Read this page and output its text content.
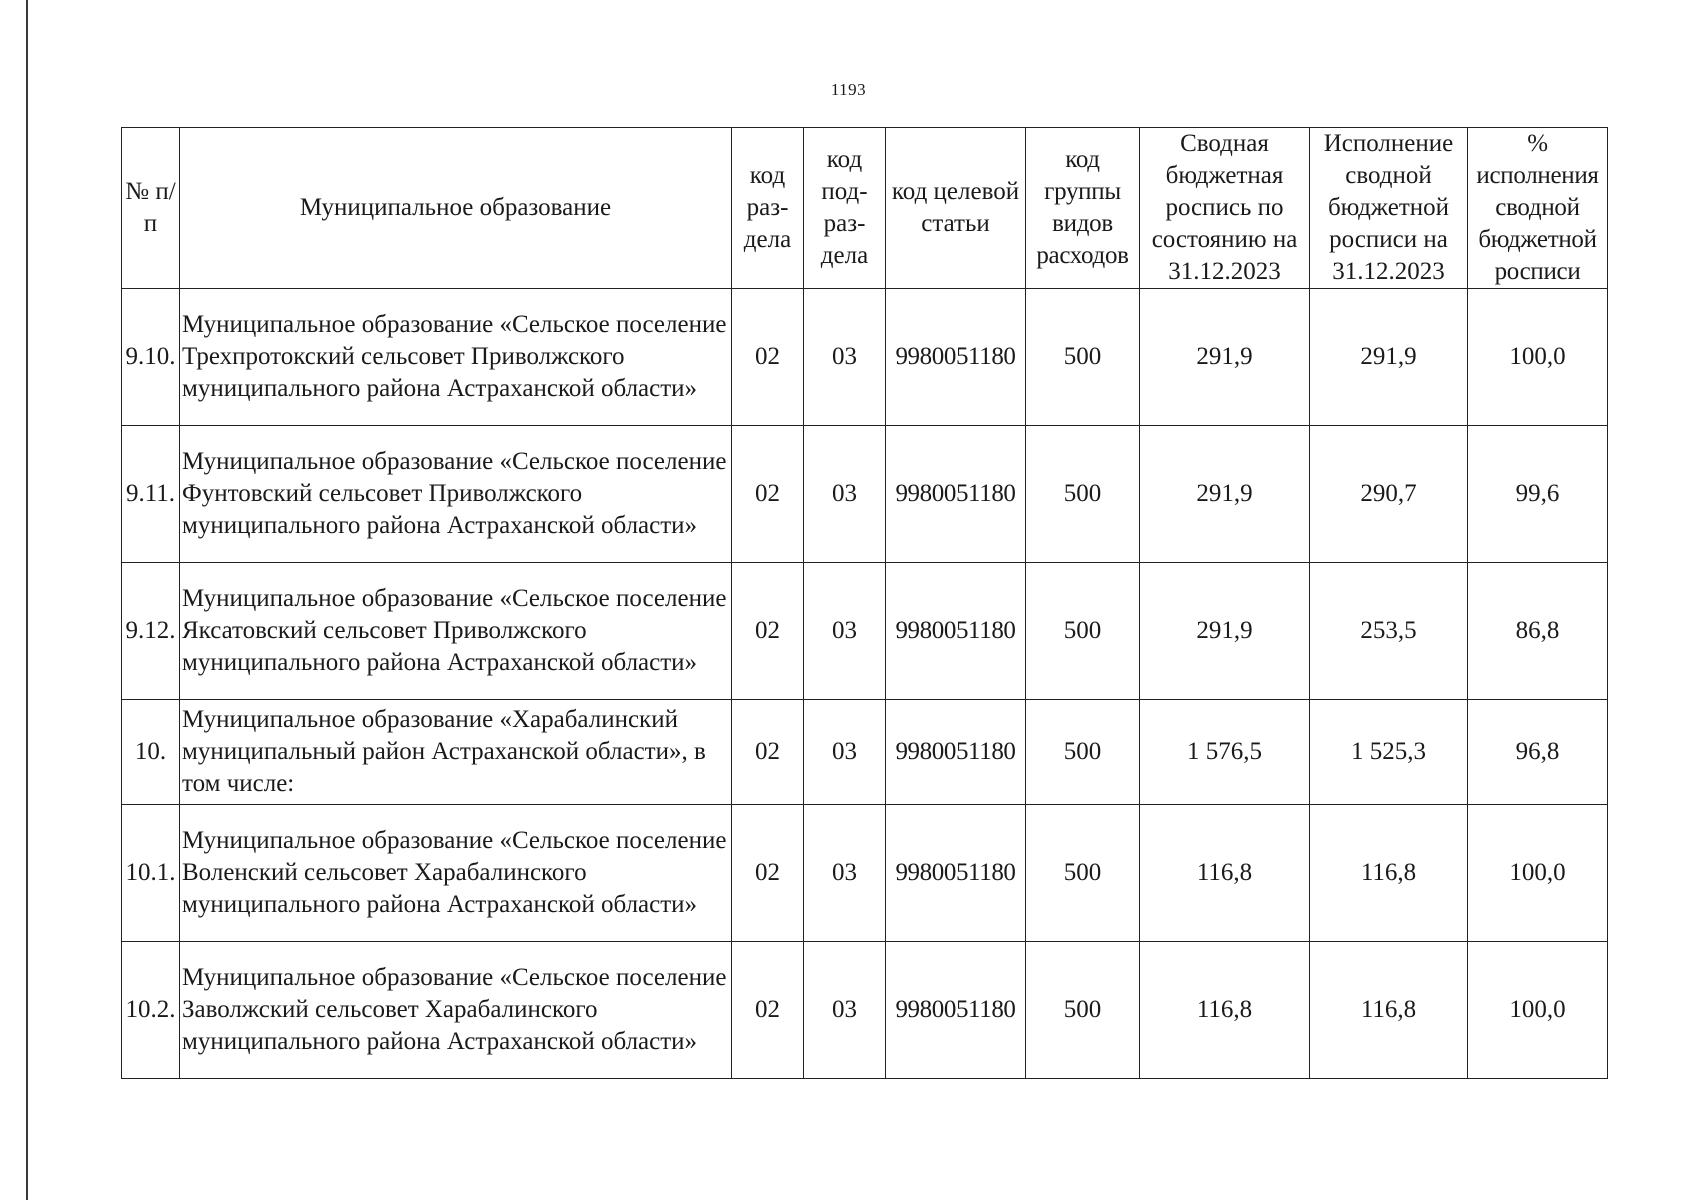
1193
№ п/п	Муниципальное образование	код раз-дела	код под-раз-дела	код целевой статьи	код группы видов расходов	Сводная бюджетная роспись по состоянию на 31.12.2023	Исполнение сводной бюджетной росписи на 31.12.2023	% исполнения сводной бюджетной росписи
9.10.	Муниципальное образование «Сельское поселение Трехпротокский сельсовет Приволжского муниципального района Астраханской области»	02	03	9980051180	500	291,9	291,9	100,0
9.11.	Муниципальное образование «Сельское поселение Фунтовский сельсовет Приволжского муниципального района Астраханской области»	02	03	9980051180	500	291,9	290,7	99,6
9.12.	Муниципальное образование «Сельское поселение Яксатовский сельсовет Приволжского муниципального района Астраханской области»	02	03	9980051180	500	291,9	253,5	86,8
10.	Муниципальное образование «Харабалинский муниципальный район Астраханской области», в том числе:	02	03	9980051180	500	1 576,5	1 525,3	96,8
10.1.	Муниципальное образование «Сельское поселение Воленский сельсовет Харабалинского муниципального района Астраханской области»	02	03	9980051180	500	116,8	116,8	100,0
10.2.	Муниципальное образование «Сельское поселение Заволжский сельсовет Харабалинского муниципального района Астраханской области»	02	03	9980051180	500	116,8	116,8	100,0
